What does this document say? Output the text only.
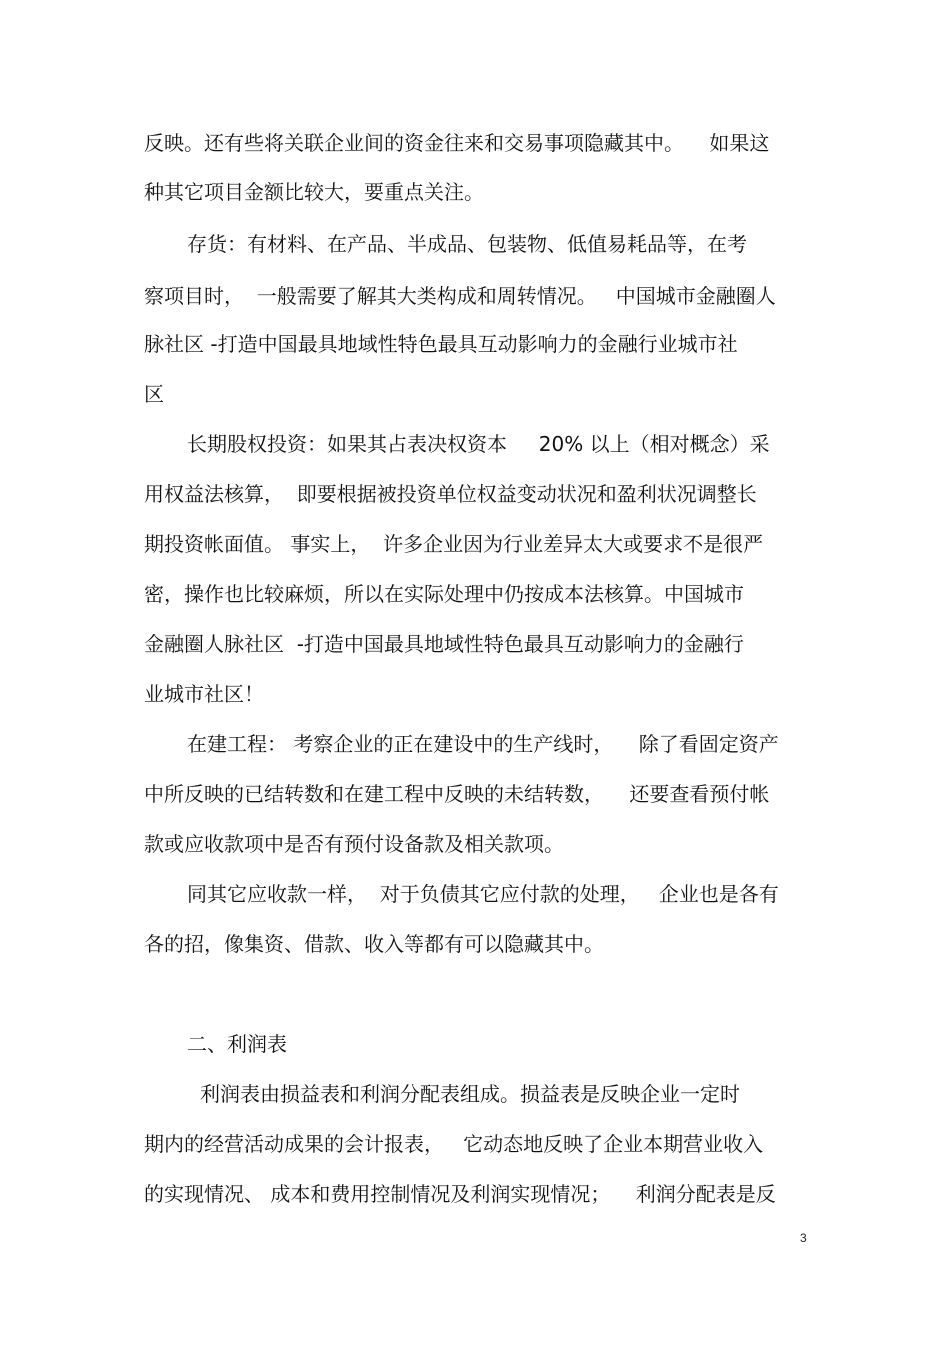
反映。还有些将关联企业间的资金往来和交易事项隐藏其中。    如果这
种其它项目金额比较大，要重点关注。
存货：有材料、在产品、半成品、包装物、低值易耗品等，在考
察项目时，  一般需要了解其大类构成和周转情况。   中国城市金融圈人
脉社区 -打造中国最具地域性特色最具互动影响力的金融行业城市社
区
长期股权投资：如果其占表决权资本     20% 以上（相对概念）采
用权益法核算，  即要根据被投资单位权益变动状况和盈利状况调整长
期投资帐面值。 事实上，  许多企业因为行业差异太大或要求不是很严
密，操作也比较麻烦，所以在实际处理中仍按成本法核算。中国城市
金融圈人脉社区  -打造中国最具地域性特色最具互动影响力的金融行
业城市社区！
在建工程： 考察企业的正在建设中的生产线时，    除了看固定资产
中所反映的已结转数和在建工程中反映的未结转数，    还要查看预付帐
款或应收款项中是否有预付设备款及相关款项。
同其它应收款一样，  对于负债其它应付款的处理，   企业也是各有
各的招，像集资、借款、收入等都有可以隐藏其中。
二、利润表
利润表由损益表和利润分配表组成。损益表是反映企业一定时
期内的经营活动成果的会计报表，   它动态地反映了企业本期营业收入
的实现情况、 成本和费用控制情况及利润实现情况；    利润分配表是反
3
